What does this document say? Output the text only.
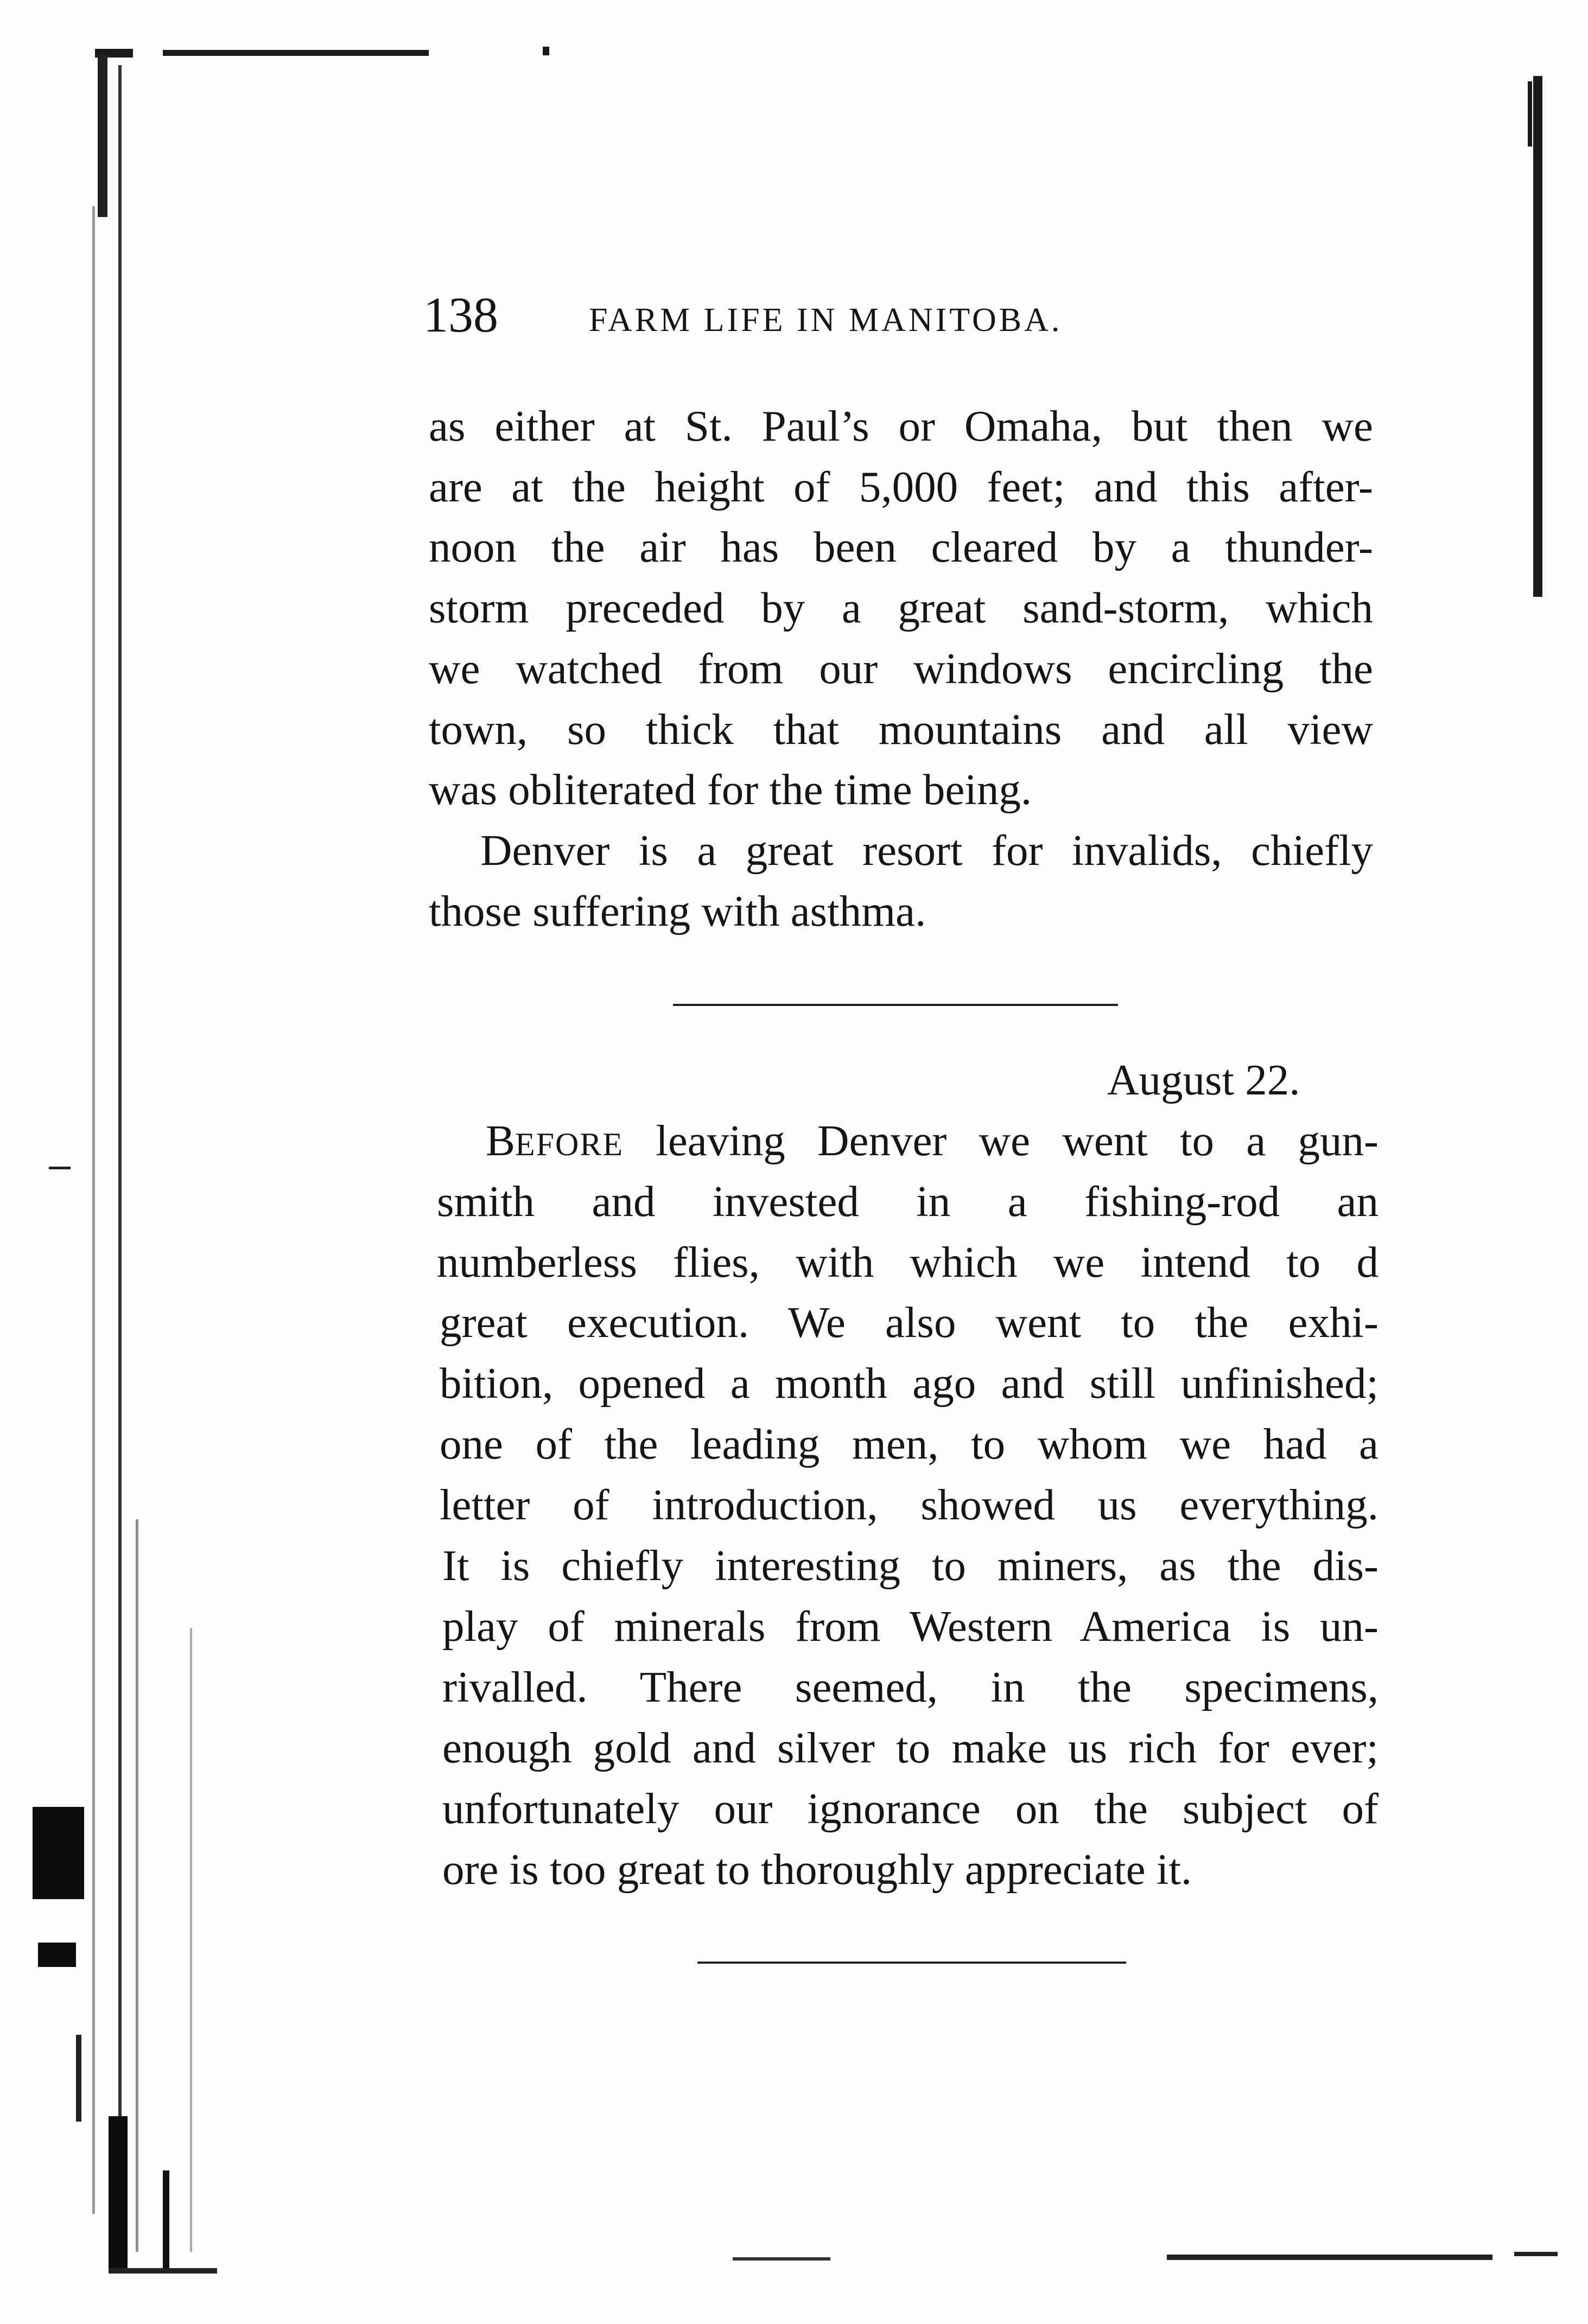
138	FARM LIFE IN MANITOBA.
as either at St. Paul’s or Omaha, but then we
are at the height of 5,000 feet; and this after-
noon the air has been cleared by a thunder-
storm preceded by a great sand-storm, which
we watched from our windows encircling the
town, so thick that mountains and all view
was obliterated for the time being.
Denver is a great resort for invalids, chiefly
those suffering with asthma.
August 22.
BEFORE leaving Denver we went to a gun-
smith and invested in a fishing-rod an
numberless flies, with which we intend to d
great execution. We also went to the exhi-
bition, opened a month ago and still unfinished;
one of the leading men, to whom we had a
letter of introduction, showed us everything.
It is chiefly interesting to miners, as the dis-
play of minerals from Western America is un-
rivalled. There seemed, in the specimens,
enough gold and silver to make us rich for ever;
unfortunately our ignorance on the subject of
ore is too great to thoroughly appreciate it.
